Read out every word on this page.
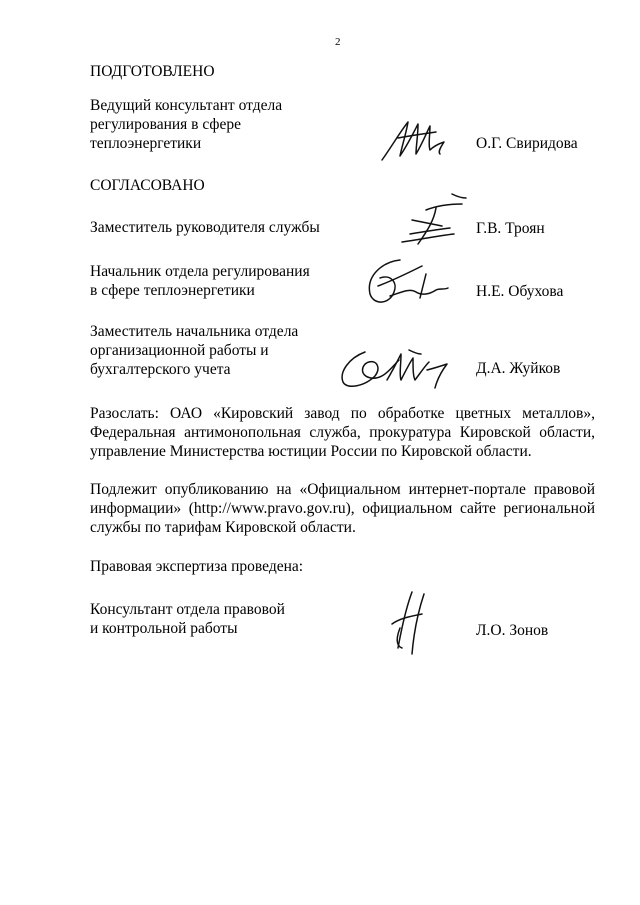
2
ПОДГОТОВЛЕНО
Ведущий консультант отдела
регулирования в сфере
теплоэнергетики	О.Г. Свиридова
СОГЛАСОВАНО
Заместитель руководителя службы	Г.В. Троян
Начальник отдела регулирования
в сфере теплоэнергетики	Н.Е. Обухова
Заместитель начальника отдела
организационной работы и
бухгалтерского учета	Д.А. Жуйков
Разослать: ОАО «Кировский завод по обработке цветных металлов», Федеральная антимонопольная служба, прокуратура Кировской области, управление Министерства юстиции России по Кировской области.
Подлежит опубликованию на «Официальном интернет-портале правовой информации» (http://www.pravo.gov.ru), официальном сайте региональной службы по тарифам Кировской области.
Правовая экспертиза проведена:
Консультант отдела правовой
и контрольной работы	Л.О. Зонов
